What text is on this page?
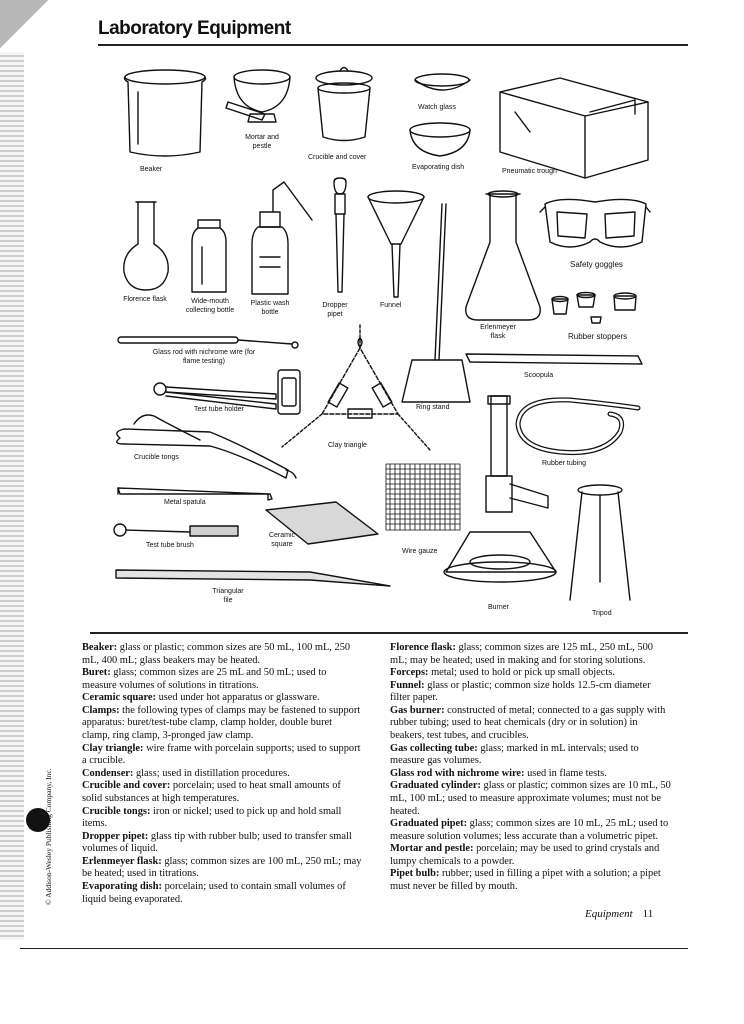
Laboratory Equipment
Beaker
Mortar and pestle
Crucible and cover
Watch glass
Evaporating dish
Pneumatic trough
Florence flask	Wide-mouth collecting bottle
Plastic wash bottle
Dropper pipet
Funnel
Erlenmeyer flask
Safety goggles
Rubber stoppers
Glass rod with nichrome wire (for flame testing)
Scoopula
Test tube holder	Ring stand
Clay triangle
Crucible tongs
Rubber tubing
Metal spatula
Test tube brush
Ceramic square
Wire gauze
Triangular file
Burner
Tripod

Beaker: glass or plastic; common sizes are 50 mL, 100 mL, 250 mL, 400 mL; glass beakers may be heated.

Buret: glass; common sizes are 25 mL and 50 mL; used to measure volumes of solutions in titrations.

Ceramic square: used under hot apparatus or glassware.

Clamps: the following types of clamps may be fastened to support apparatus: buret/test-tube clamp, clamp holder, double buret clamp, ring clamp, 3-pronged jaw clamp.

Clay triangle: wire frame with porcelain supports; used to support a crucible.

Condenser: glass; used in distillation procedures.

Crucible and cover: porcelain; used to heat small amounts of solid substances at high temperatures.

Crucible tongs: iron or nickel; used to pick up and hold small items.

Dropper pipet: glass tip with rubber bulb; used to transfer small volumes of liquid.

Erlenmeyer flask: glass; common sizes are 100 mL, 250 mL; may be heated; used in titrations.

Evaporating dish: porcelain; used to contain small volumes of liquid being evaporated.

Florence flask: glass; common sizes are 125 mL, 250 mL, 500 mL; may be heated; used in making and for storing solutions.

Forceps: metal; used to hold or pick up small objects.

Funnel: glass or plastic; common size holds 12.5-cm diameter filter paper.

Gas burner: constructed of metal; connected to a gas supply with rubber tubing; used to heat chemicals (dry or in solution) in beakers, test tubes, and crucibles.

Gas collecting tube: glass; marked in mL intervals; used to measure gas volumes.

Glass rod with nichrome wire: used in flame tests.

Graduated cylinder: glass or plastic; common sizes are 10 mL, 50 mL, 100 mL; used to measure approximate volumes; must not be heated.

Graduated pipet: glass; common sizes are 10 mL, 25 mL; used to measure solution volumes; less accurate than a volumetric pipet.

Mortar and pestle: porcelain; may be used to grind crystals and lumpy chemicals to a powder.

Pipet bulb: rubber; used in filling a pipet with a solution; a pipet must never be filled by mouth.

© Addison-Wesley Publishing Company, Inc.
Equipment 11
